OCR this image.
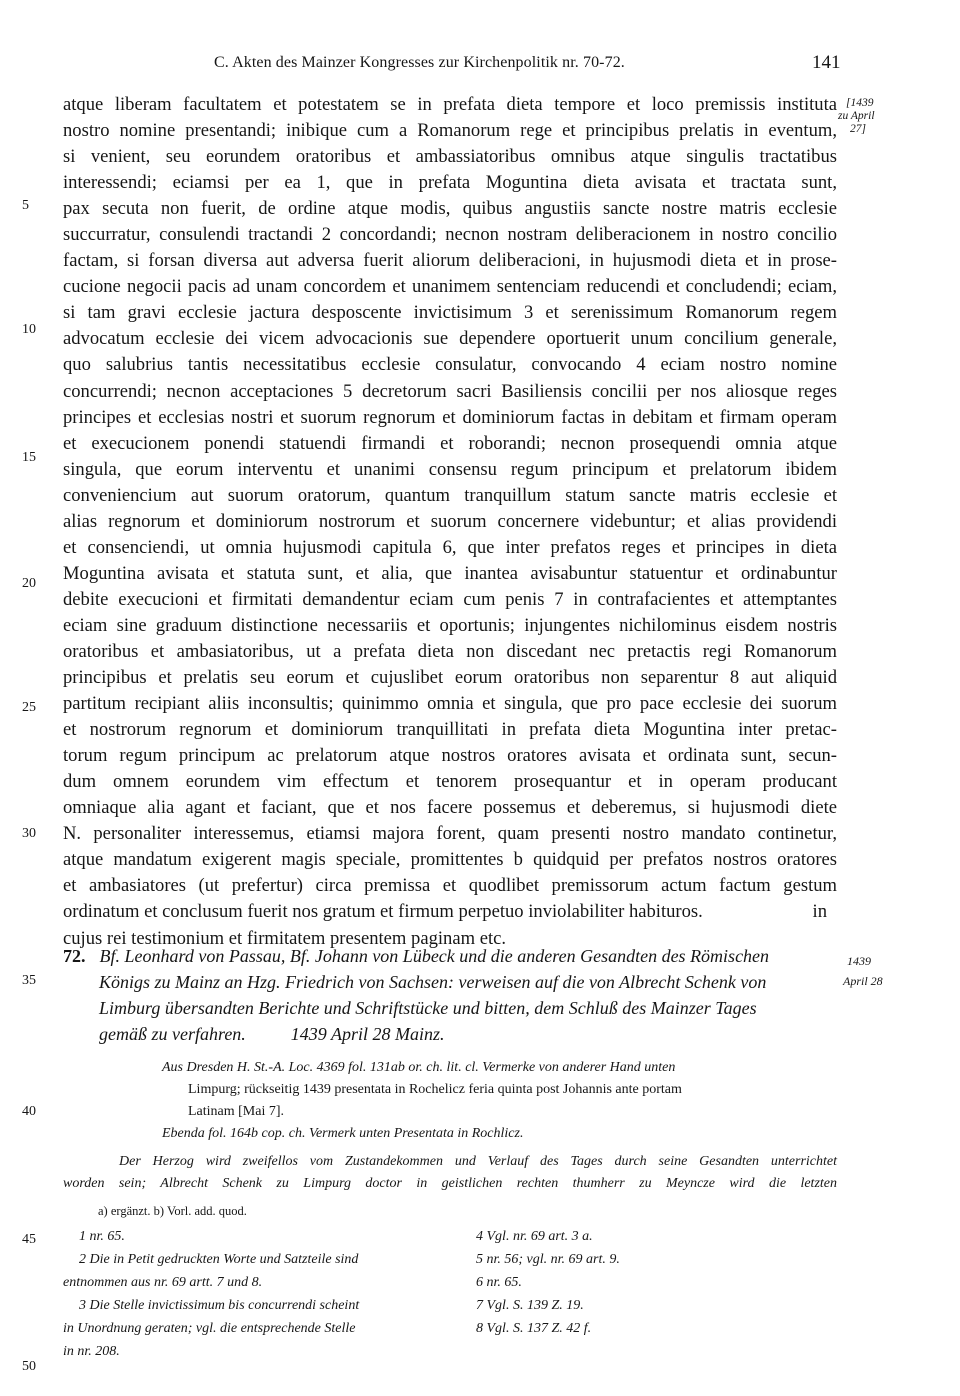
C. Akten des Mainzer Kongresses zur Kirchenpolitik nr. 70-72.	141
[1439
zu April
27]
5
10
15
20
25
30
35
40
45
50
atque liberam facultatem et potestatem se in prefata dieta tempore et loco premissis instituta
nostro nomine presentandi; inibique cum a Romanorum rege et principibus prelatis in eventum,
si venient, seu eorundem oratoribus et ambassiatoribus omnibus atque singulis tractatibus
interessendi; eciamsi per ea 1, que in prefata Moguntina dieta avisata et tractata sunt,
pax secuta non fuerit, de ordine atque modis, quibus angustiis sancte nostre matris ecclesie
succurratur, consulendi tractandi 2 concordandi; necnon nostram deliberacionem in nostro concilio
factam, si forsan diversa aut adversa fuerit aliorum deliberacioni, in hujusmodi dieta et in prose-
cucione negocii pacis ad unam concordem et unanimem sentenciam reducendi et concludendi; eciam,
si tam gravi ecclesie jactura desposcente invictisimum 3 et serenissimum Romanorum regem
advocatum ecclesie dei vicem advocacionis sue dependere oportuerit unum concilium generale,
quo salubrius tantis necessitatibus ecclesie consulatur, convocando 4 eciam nostro nomine
concurrendi; necnon acceptaciones 5 decretorum sacri Basiliensis concilii per nos aliosque reges
principes et ecclesias nostri et suorum regnorum et dominiorum factas in debitam et firmam operam
et execucionem ponendi statuendi firmandi et roborandi; necnon prosequendi omnia atque
singula, que eorum interventu et unanimi consensu regum principum et prelatorum ibidem
conveniencium aut suorum oratorum, quantum tranquillum statum sancte matris ecclesie et
alias regnorum et dominiorum nostrorum et suorum concernere videbuntur; et alias providendi
et consenciendi, ut omnia hujusmodi capitula 6, que inter prefatos reges et principes in dieta
Moguntina avisata et statuta sunt, et alia, que inantea avisabuntur statuentur et ordinabuntur
debite execucioni et firmitati demandentur eciam cum penis 7 in contrafacientes et attemptantes
eciam sine graduum distinctione necessariis et oportunis; injungentes nichilominus eisdem nostris
oratoribus et ambasiatoribus, ut a prefata dieta non discedant nec pretactis regi Romanorum
principibus et prelatis seu eorum et cujuslibet eorum oratoribus non separentur 8 aut aliquid
partitum recipiant aliis inconsultis; quinimmo omnia et singula, que pro pace ecclesie dei suorum
et nostrorum regnorum et dominiorum tranquillitati in prefata dieta Moguntina inter pretac-
torum regum principum ac prelatorum atque nostros oratores avisata et ordinata sunt, secun-
dum omnem eorundem vim effectum et tenorem prosequantur et in operam producant
omniaque alia agant et faciant, que et nos facere possemus et deberemus, si hujusmodi diete
N. personaliter interessemus, etiamsi majora forent, quam presenti nostro mandato continetur,
atque mandatum exigerent magis speciale, promittentes b quidquid per prefatos nostros oratores
et ambasiatores (ut prefertur) circa premissa et quodlibet premissorum actum factum gestum
ordinatum et conclusum fuerit nos gratum et firmum perpetuo inviolabiliter habituros.	in
cujus rei testimonium et firmitatem presentem paginam etc.
72. Bf. Leonhard von Passau, Bf. Johann von Lübeck und die anderen Gesandten des Römischen
Königs zu Mainz an Hzg. Friedrich von Sachsen: verweisen auf die von Albrecht Schenk von
Limburg übersandten Berichte und Schriftstücke und bitten, dem Schluß des Mainzer Tages
gemäß zu verfahren.          1439 April 28 Mainz.
1439
April 28
Aus Dresden H. St.-A. Loc. 4369 fol. 131ab or. ch. lit. cl. Vermerke von anderer Hand unten
Limpurg; rückseitig 1439 presentata in Rochelicz feria quinta post Johannis ante portam
Latinam [Mai 7].
Ebenda fol. 164b cop. ch. Vermerk unten Presentata in Rochlicz.
Der Herzog wird zweifellos vom Zustandekommen und Verlauf des Tages durch seine Gesandten unterrichtet
worden sein; Albrecht Schenk zu Limpurg doctor in geistlichen rechten thumherr zu Meyncze wird die letzten
a) ergänzt. b) Vorl. add. quod.
1 nr. 65.
2 Die in Petit gedruckten Worte und Satzteile sind
entnommen aus nr. 69 artt. 7 und 8.
3 Die Stelle invictissimum bis concurrendi scheint
in Unordnung geraten; vgl. die entsprechende Stelle
in nr. 208.
4 Vgl. nr. 69 art. 3 a.
5 nr. 56; vgl. nr. 69 art. 9.
6 nr. 65.
7 Vgl. S. 139 Z. 19.
8 Vgl. S. 137 Z. 42 f.
